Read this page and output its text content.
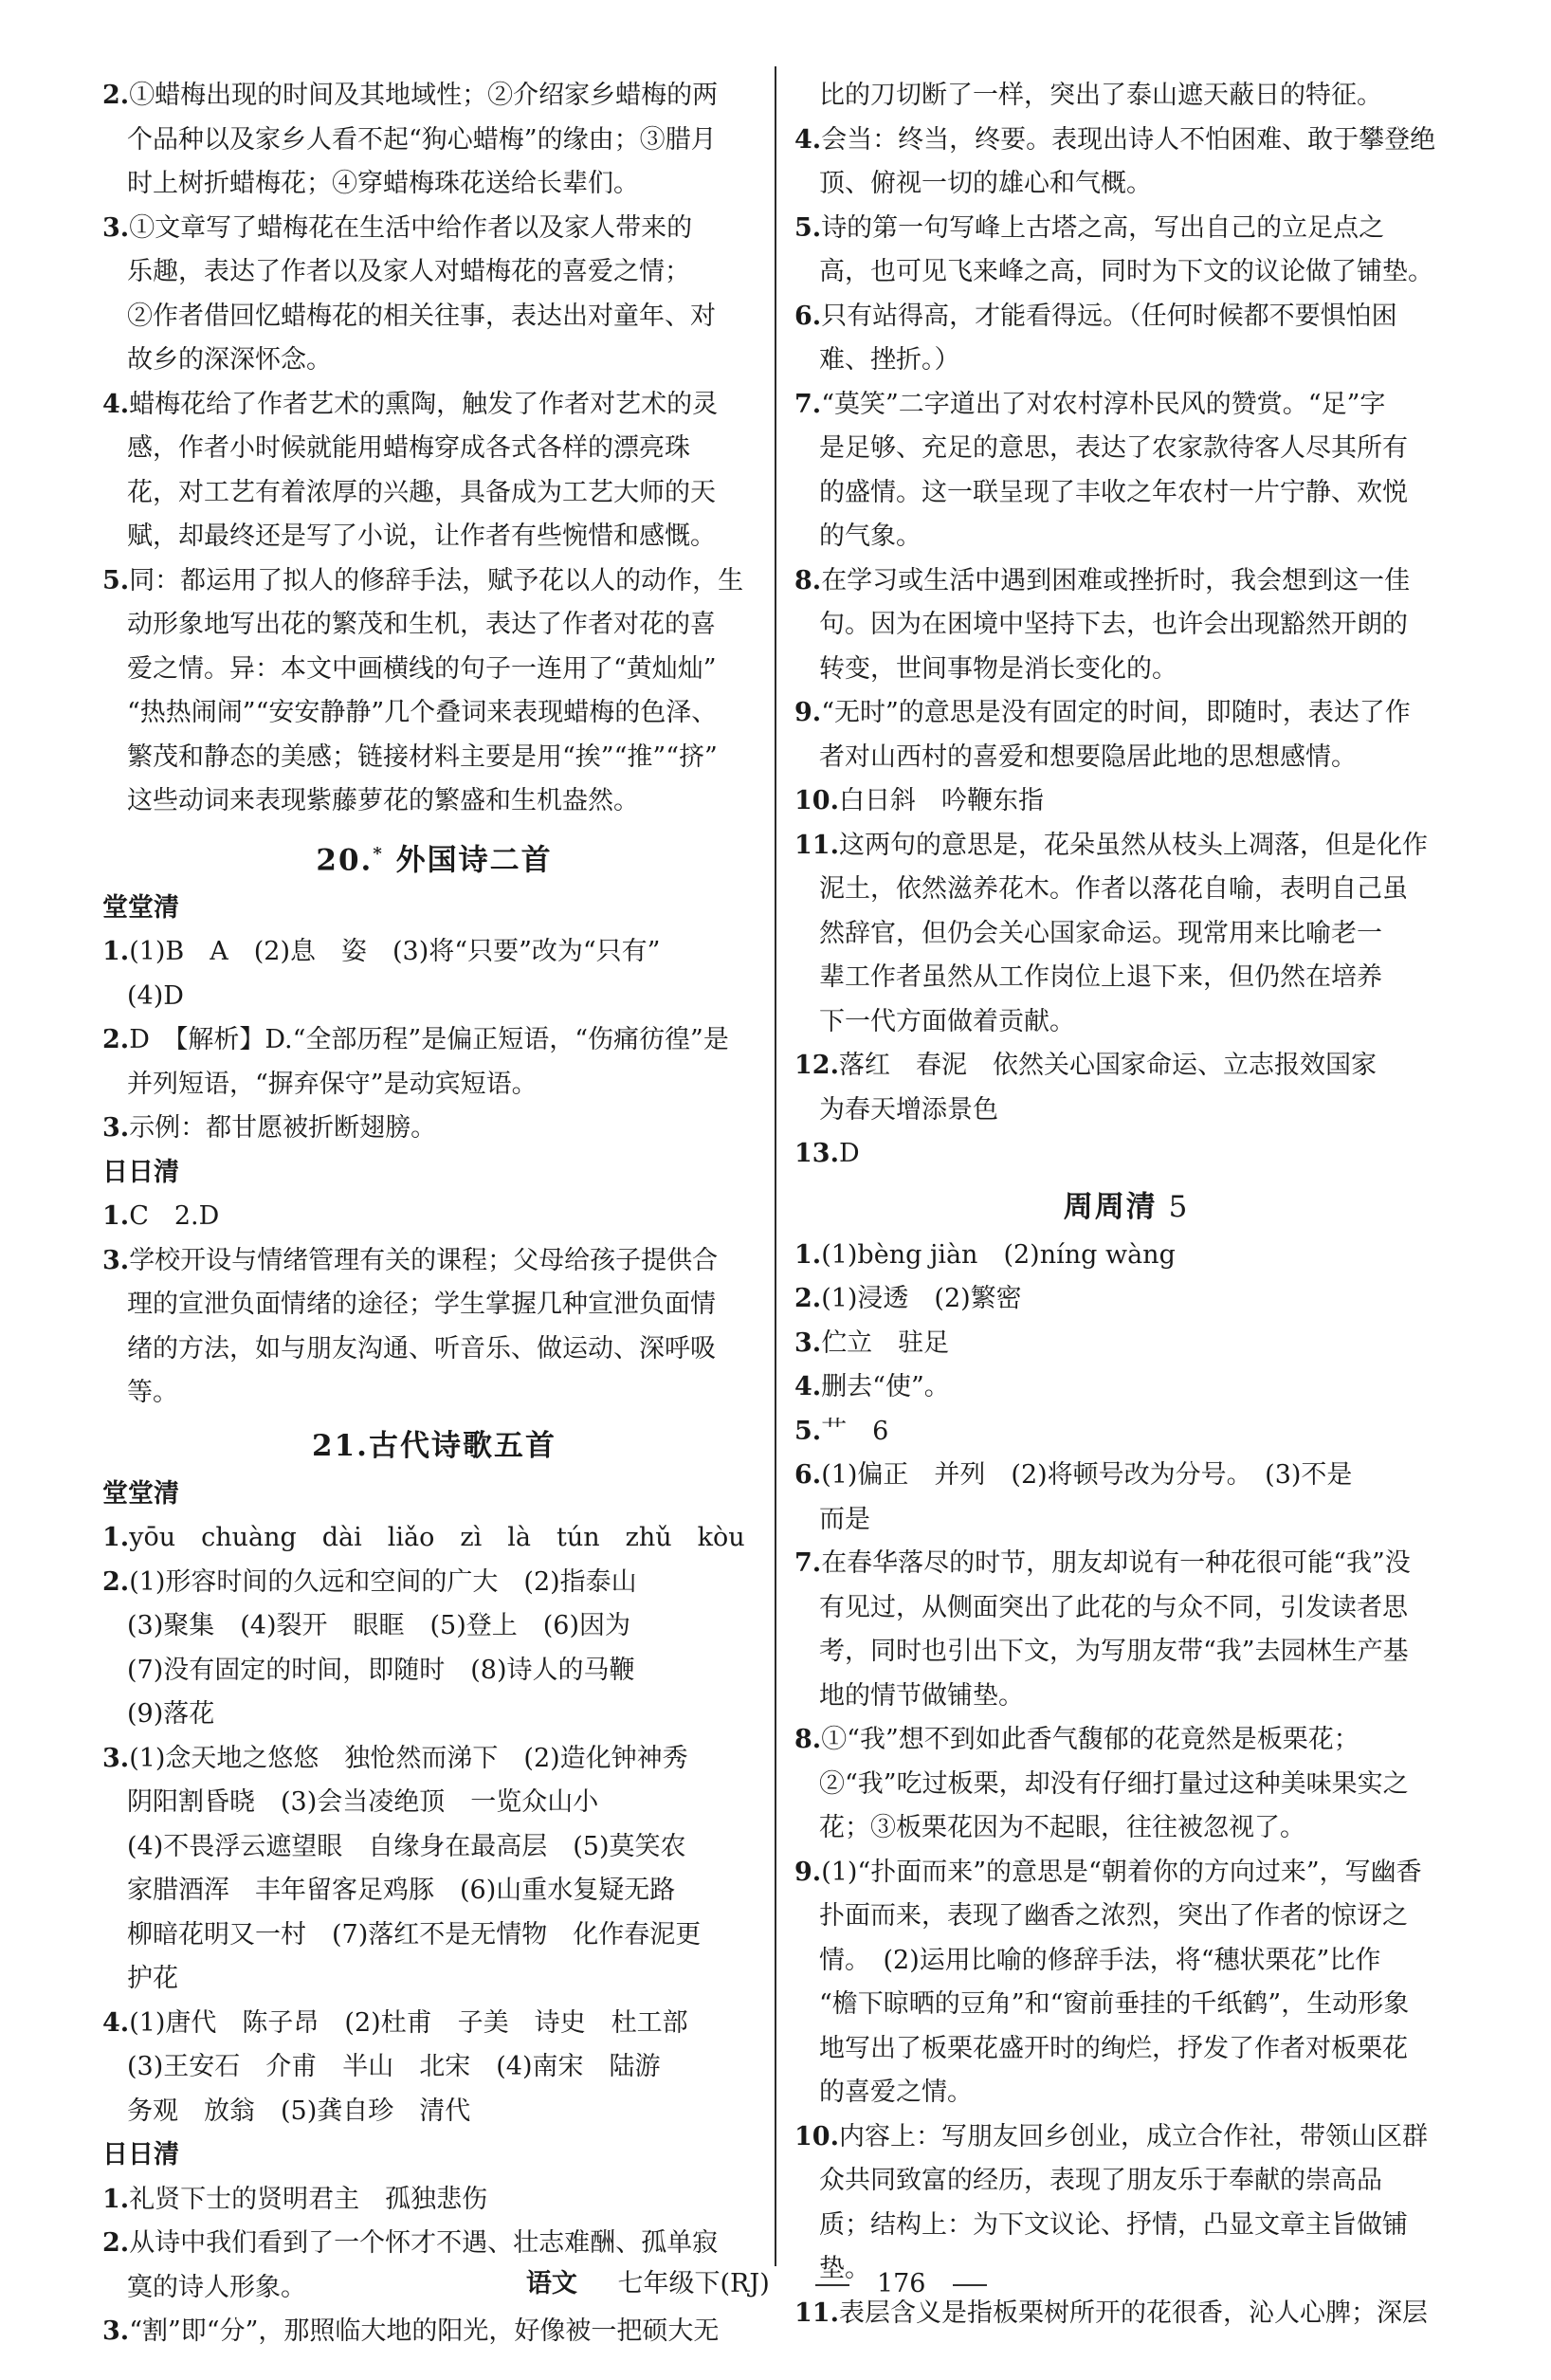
2.①蜡梅出现的时间及其地域性；②介绍家乡蜡梅的两
个品种以及家乡人看不起“狗心蜡梅”的缘由；③腊月
时上树折蜡梅花；④穿蜡梅珠花送给长辈们。
3.①文章写了蜡梅花在生活中给作者以及家人带来的
乐趣，表达了作者以及家人对蜡梅花的喜爱之情；
②作者借回忆蜡梅花的相关往事，表达出对童年、对
故乡的深深怀念。
4.蜡梅花给了作者艺术的熏陶，触发了作者对艺术的灵
感，作者小时候就能用蜡梅穿成各式各样的漂亮珠
花，对工艺有着浓厚的兴趣，具备成为工艺大师的天
赋，却最终还是写了小说，让作者有些惋惜和感慨。
5.同：都运用了拟人的修辞手法，赋予花以人的动作，生
动形象地写出花的繁茂和生机，表达了作者对花的喜
爱之情。异：本文中画横线的句子一连用了“黄灿灿”
“热热闹闹”“安安静静”几个叠词来表现蜡梅的色泽、
繁茂和静态的美感；链接材料主要是用“挨”“推”“挤”
这些动词来表现紫藤萝花的繁盛和生机盎然。
20.* 外国诗二首
堂堂清
1.(1)B　A　(2)息　姿　(3)将“只要”改为“只有”
(4)D
2.D　【解析】D.“全部历程”是偏正短语，“伤痛彷徨”是
并列短语，“摒弃保守”是动宾短语。
3.示例：都甘愿被折断翅膀。
日日清
1.C　2.D
3.学校开设与情绪管理有关的课程；父母给孩子提供合
理的宣泄负面情绪的途径；学生掌握几种宣泄负面情
绪的方法，如与朋友沟通、听音乐、做运动、深呼吸等。
21.古代诗歌五首
堂堂清
1.yōu　chuàng　dài　liǎo　zì　là　tún　zhǔ　kòu
2.(1)形容时间的久远和空间的广大　(2)指泰山
(3)聚集　(4)裂开　眼眶　(5)登上　(6)因为
(7)没有固定的时间，即随时　(8)诗人的马鞭
(9)落花
3.(1)念天地之悠悠　独怆然而涕下　(2)造化钟神秀
阴阳割昏晓　(3)会当凌绝顶　一览众山小
(4)不畏浮云遮望眼　自缘身在最高层　(5)莫笑农
家腊酒浑　丰年留客足鸡豚　(6)山重水复疑无路
柳暗花明又一村　(7)落红不是无情物　化作春泥更
护花
4.(1)唐代　陈子昂　(2)杜甫　子美　诗史　杜工部
(3)王安石　介甫　半山　北宋　(4)南宋　陆游
务观　放翁　(5)龚自珍　清代
日日清
1.礼贤下士的贤明君主　孤独悲伤
2.从诗中我们看到了一个怀才不遇、壮志难酬、孤单寂
寞的诗人形象。
3.“割”即“分”，那照临大地的阳光，好像被一把硕大无
比的刀切断了一样，突出了泰山遮天蔽日的特征。
4.会当：终当，终要。表现出诗人不怕困难、敢于攀登绝
顶、俯视一切的雄心和气概。
5.诗的第一句写峰上古塔之高，写出自己的立足点之
高，也可见飞来峰之高，同时为下文的议论做了铺垫。
6.只有站得高，才能看得远。（任何时候都不要惧怕困
难、挫折。）
7.“莫笑”二字道出了对农村淳朴民风的赞赏。“足”字
是足够、充足的意思，表达了农家款待客人尽其所有
的盛情。这一联呈现了丰收之年农村一片宁静、欢悦
的气象。
8.在学习或生活中遇到困难或挫折时，我会想到这一佳
句。因为在困境中坚持下去，也许会出现豁然开朗的
转变，世间事物是消长变化的。
9.“无时”的意思是没有固定的时间，即随时，表达了作
者对山西村的喜爱和想要隐居此地的思想感情。
10.白日斜　吟鞭东指
11.这两句的意思是，花朵虽然从枝头上凋落，但是化作
泥土，依然滋养花木。作者以落花自喻，表明自己虽
然辞官，但仍会关心国家命运。现常用来比喻老一
辈工作者虽然从工作岗位上退下来，但仍然在培养
下一代方面做着贡献。
12.落红　春泥　依然关心国家命运、立志报效国家
为春天增添景色
13.D
周周清 5
1.(1)bèng jiàn　(2)níng wàng
2.(1)浸透　(2)繁密
3.伫立　驻足
4.删去“使”。
5.艹　6
6.(1)偏正　并列　(2)将顿号改为分号。　(3)不是
而是
7.在春华落尽的时节，朋友却说有一种花很可能“我”没
有见过，从侧面突出了此花的与众不同，引发读者思
考，同时也引出下文，为写朋友带“我”去园林生产基
地的情节做铺垫。
8.①“我”想不到如此香气馥郁的花竟然是板栗花；
②“我”吃过板栗，却没有仔细打量过这种美味果实之
花；③板栗花因为不起眼，往往被忽视了。
9.(1)“扑面而来”的意思是“朝着你的方向过来”，写幽香
扑面而来，表现了幽香之浓烈，突出了作者的惊讶之
情。　(2)运用比喻的修辞手法，将“穗状栗花”比作
“檐下晾晒的豆角”和“窗前垂挂的千纸鹤”，生动形象
地写出了板栗花盛开时的绚烂，抒发了作者对板栗花
的喜爱之情。
10.内容上：写朋友回乡创业，成立合作社，带领山区群
众共同致富的经历，表现了朋友乐于奉献的崇高品
质；结构上：为下文议论、抒情，凸显文章主旨做铺垫。
11.表层含义是指板栗树所开的花很香，沁人心脾；深层
语文 七年级下(RJ)	176
